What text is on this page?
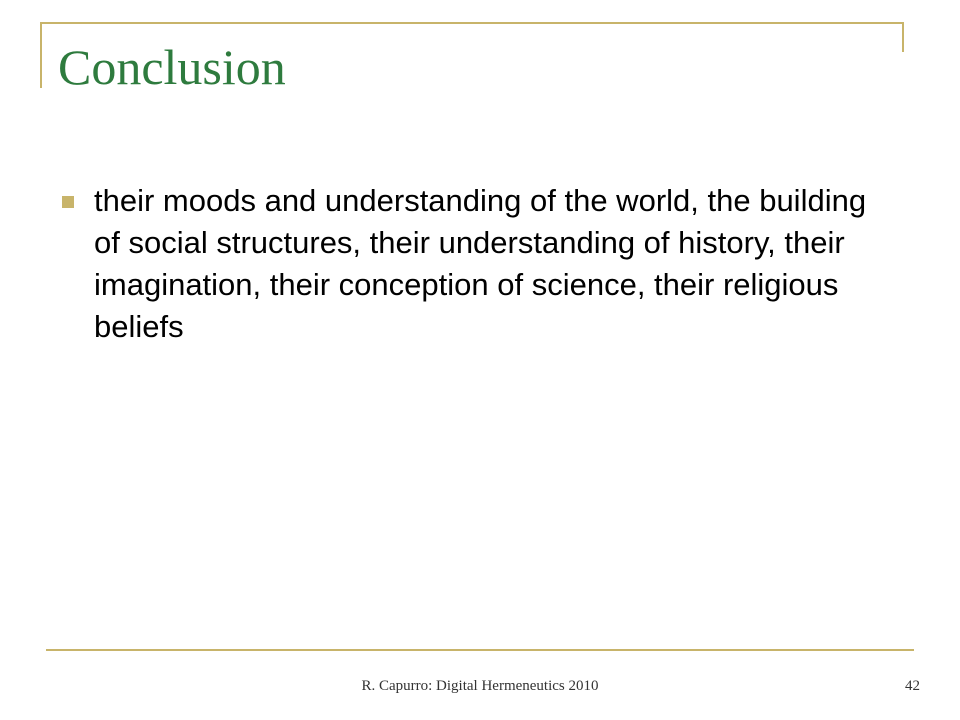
Conclusion
their moods and understanding of the world, the building of social structures, their understanding of history, their imagination, their conception of science, their religious beliefs
R. Capurro: Digital Hermeneutics 2010	42
